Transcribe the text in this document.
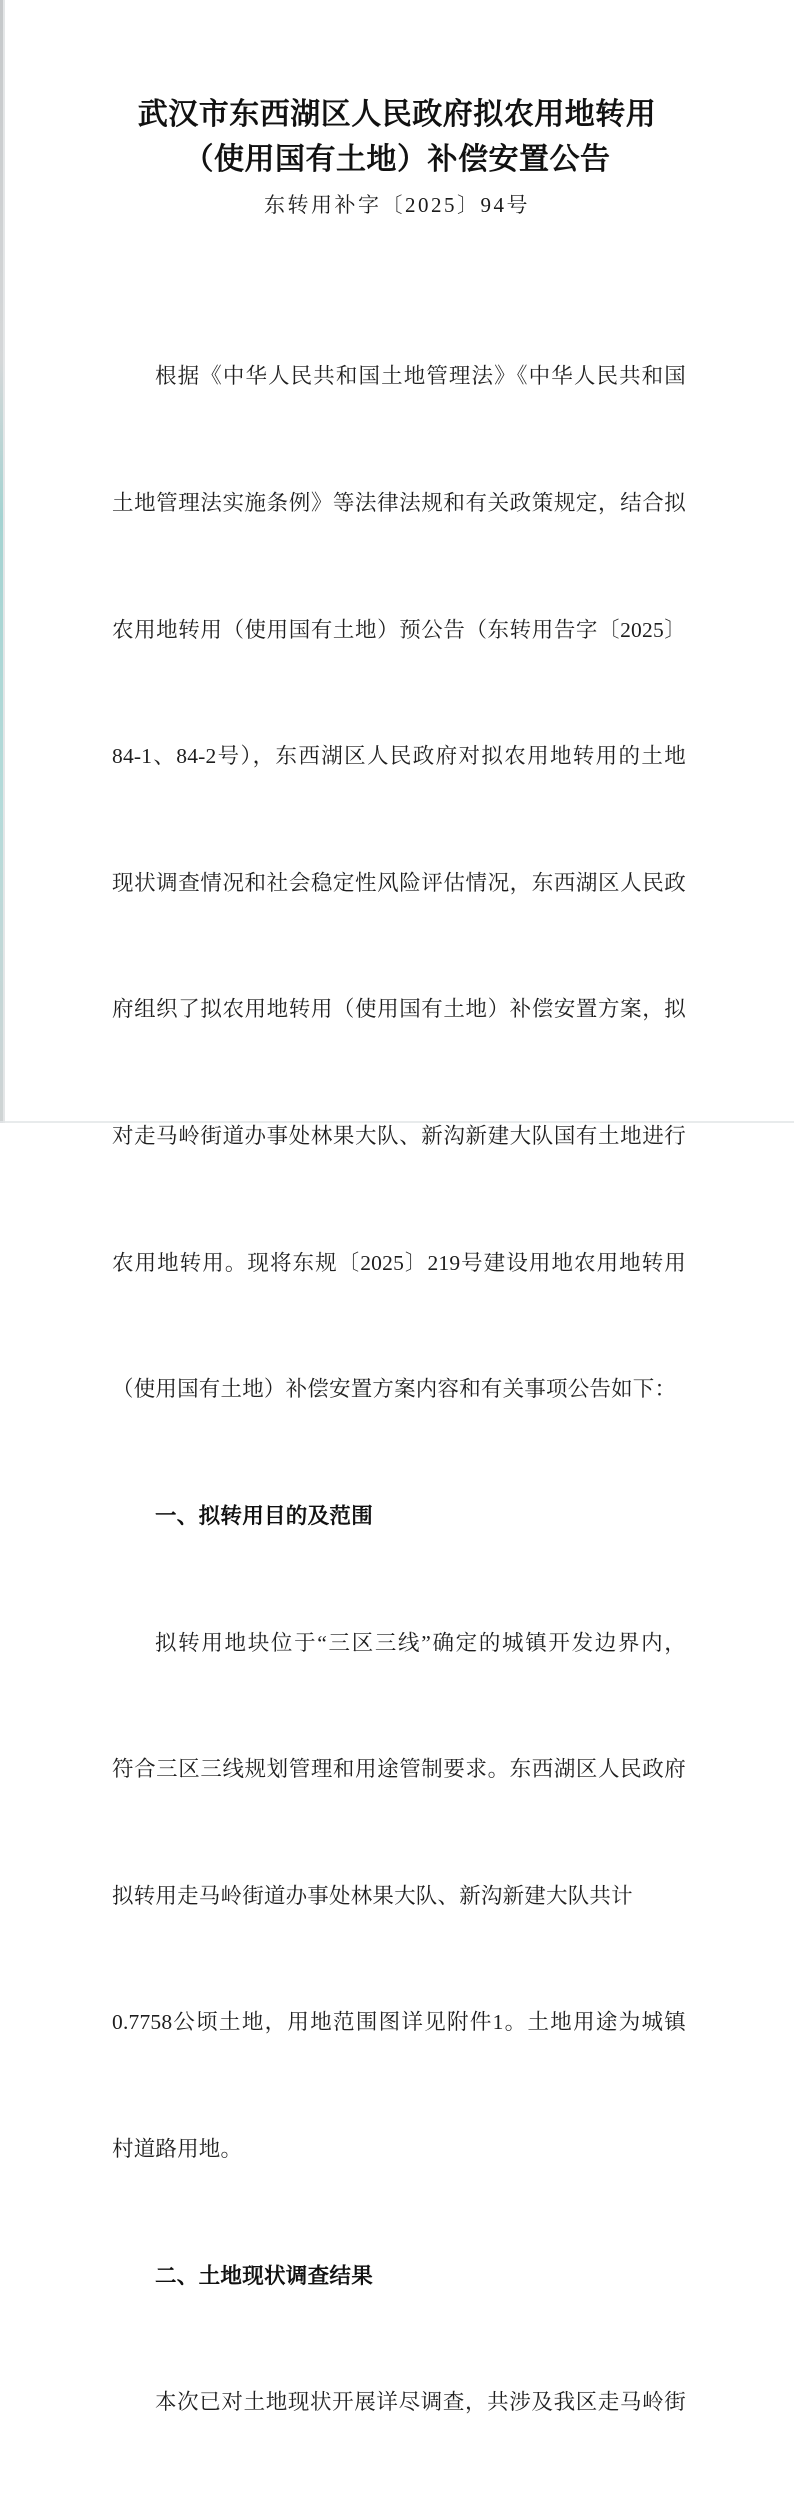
武汉市东西湖区人民政府拟农用地转用
（使用国有土地）补偿安置公告
东转用补字〔2025〕94号

根据《中华人民共和国土地管理法》《中华人民共和国

土地管理法实施条例》等法律法规和有关政策规定，结合拟

农用地转用（使用国有土地）预公告（东转用告字〔2025〕

84-1、84-2号），东西湖区人民政府对拟农用地转用的土地

现状调查情况和社会稳定性风险评估情况，东西湖区人民政

府组织了拟农用地转用（使用国有土地）补偿安置方案，拟

对走马岭街道办事处林果大队、新沟新建大队国有土地进行

农用地转用。现将东规〔2025〕219号建设用地农用地转用

（使用国有土地）补偿安置方案内容和有关事项公告如下：

一、拟转用目的及范围

拟转用地块位于“三区三线”确定的城镇开发边界内，

符合三区三线规划管理和用途管制要求。东西湖区人民政府

拟转用走马岭街道办事处林果大队、新沟新建大队共计

0.7758公顷土地，用地范围图详见附件1。土地用途为城镇

村道路用地。

二、土地现状调查结果

本次已对土地现状开展详尽调查，共涉及我区走马岭街
